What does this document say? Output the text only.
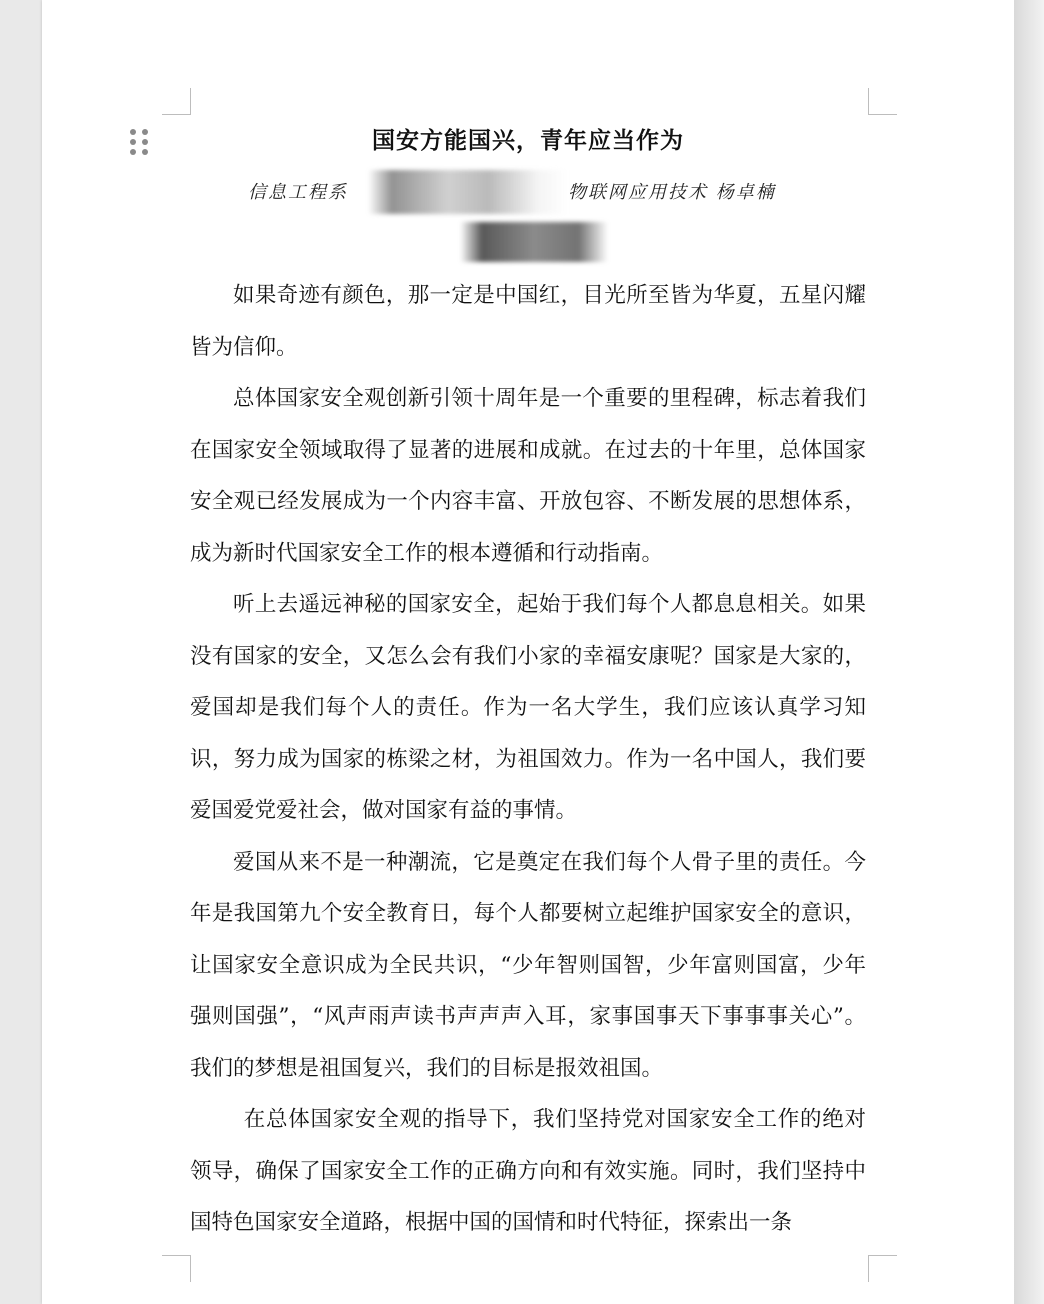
国安方能国兴，青年应当作为
信息工程系	物联网应用技术 杨卓楠

如果奇迹有颜色，那一定是中国红，目光所至皆为华夏，五星闪耀皆为信仰。

总体国家安全观创新引领十周年是一个重要的里程碑，标志着我们在国家安全领域取得了显著的进展和成就。在过去的十年里，总体国家安全观已经发展成为一个内容丰富、开放包容、不断发展的思想体系，成为新时代国家安全工作的根本遵循和行动指南。

听上去遥远神秘的国家安全，起始于我们每个人都息息相关。如果没有国家的安全，又怎么会有我们小家的幸福安康呢？国家是大家的，爱国却是我们每个人的责任。作为一名大学生，我们应该认真学习知识，努力成为国家的栋梁之材，为祖国效力。作为一名中国人，我们要爱国爱党爱社会，做对国家有益的事情。

爱国从来不是一种潮流，它是奠定在我们每个人骨子里的责任。今年是我国第九个安全教育日，每个人都要树立起维护国家安全的意识，让国家安全意识成为全民共识，“少年智则国智，少年富则国富，少年强则国强”，“风声雨声读书声声声入耳，家事国事天下事事事关心”。我们的梦想是祖国复兴，我们的目标是报效祖国。

在总体国家安全观的指导下，我们坚持党对国家安全工作的绝对领导，确保了国家安全工作的正确方向和有效实施。同时，我们坚持中国特色国家安全道路，根据中国的国情和时代特征，探索出一条
